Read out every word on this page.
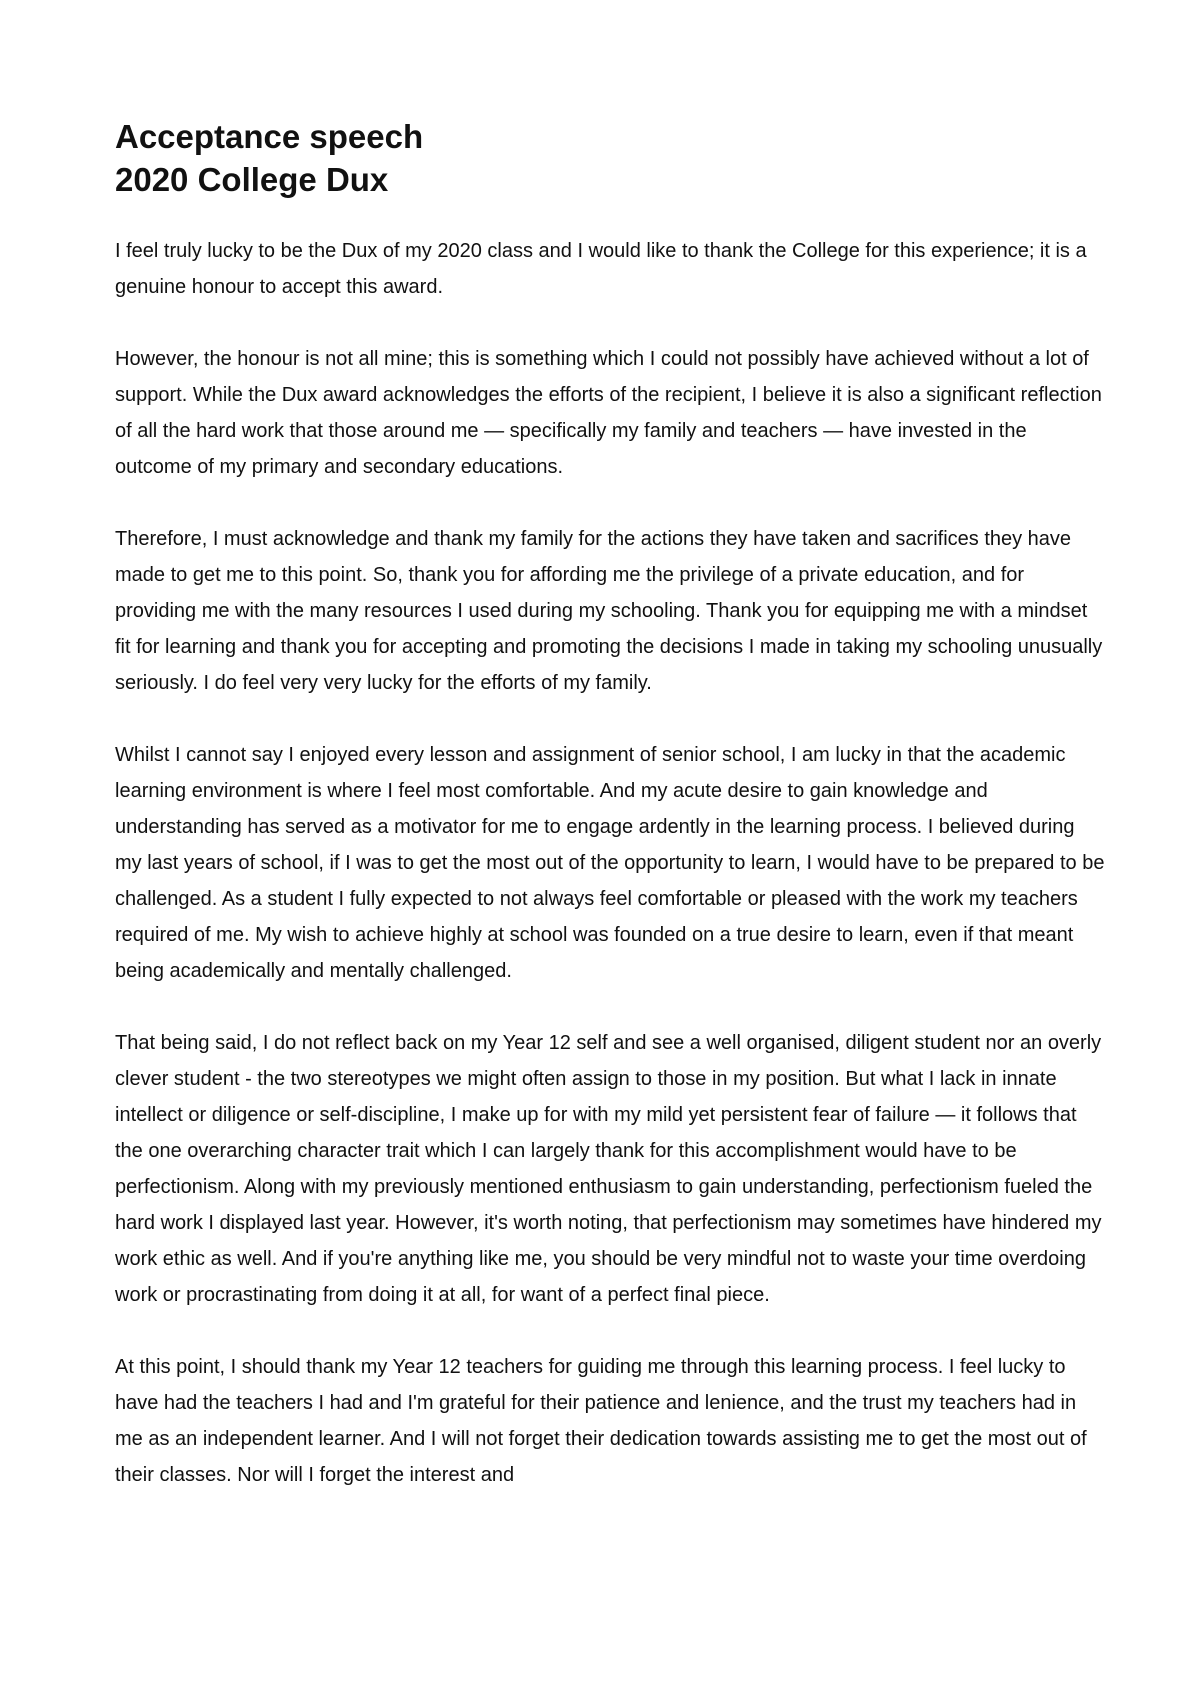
Acceptance speech
2020 College Dux

I feel truly lucky to be the Dux of my 2020 class and I would like to thank the College for this experience; it is a genuine honour to accept this award.

However, the honour is not all mine; this is something which I could not possibly have achieved without a lot of support. While the Dux award acknowledges the efforts of the recipient, I believe it is also a significant reflection of all the hard work that those around me — specifically my family and teachers — have invested in the outcome of my primary and secondary educations.

Therefore, I must acknowledge and thank my family for the actions they have taken and sacrifices they have made to get me to this point. So, thank you for affording me the privilege of a private education, and for providing me with the many resources I used during my schooling. Thank you for equipping me with a mindset fit for learning and thank you for accepting and promoting the decisions I made in taking my schooling unusually seriously. I do feel very very lucky for the efforts of my family.

Whilst I cannot say I enjoyed every lesson and assignment of senior school, I am lucky in that the academic learning environment is where I feel most comfortable. And my acute desire to gain knowledge and understanding has served as a motivator for me to engage ardently in the learning process. I believed during my last years of school, if I was to get the most out of the opportunity to learn, I would have to be prepared to be challenged. As a student I fully expected to not always feel comfortable or pleased with the work my teachers required of me. My wish to achieve highly at school was founded on a true desire to learn, even if that meant being academically and mentally challenged.

That being said, I do not reflect back on my Year 12 self and see a well organised, diligent student nor an overly clever student - the two stereotypes we might often assign to those in my position. But what I lack in innate intellect or diligence or self-discipline, I make up for with my mild yet persistent fear of failure — it follows that the one overarching character trait which I can largely thank for this accomplishment would have to be perfectionism. Along with my previously mentioned enthusiasm to gain understanding, perfectionism fueled the hard work I displayed last year. However, it's worth noting, that perfectionism may sometimes have hindered my work ethic as well. And if you're anything like me, you should be very mindful not to waste your time overdoing work or procrastinating from doing it at all, for want of a perfect final piece.

At this point, I should thank my Year 12 teachers for guiding me through this learning process. I feel lucky to have had the teachers I had and I'm grateful for their patience and lenience, and the trust my teachers had in me as an independent learner. And I will not forget their dedication towards assisting me to get the most out of their classes. Nor will I forget the interest and
